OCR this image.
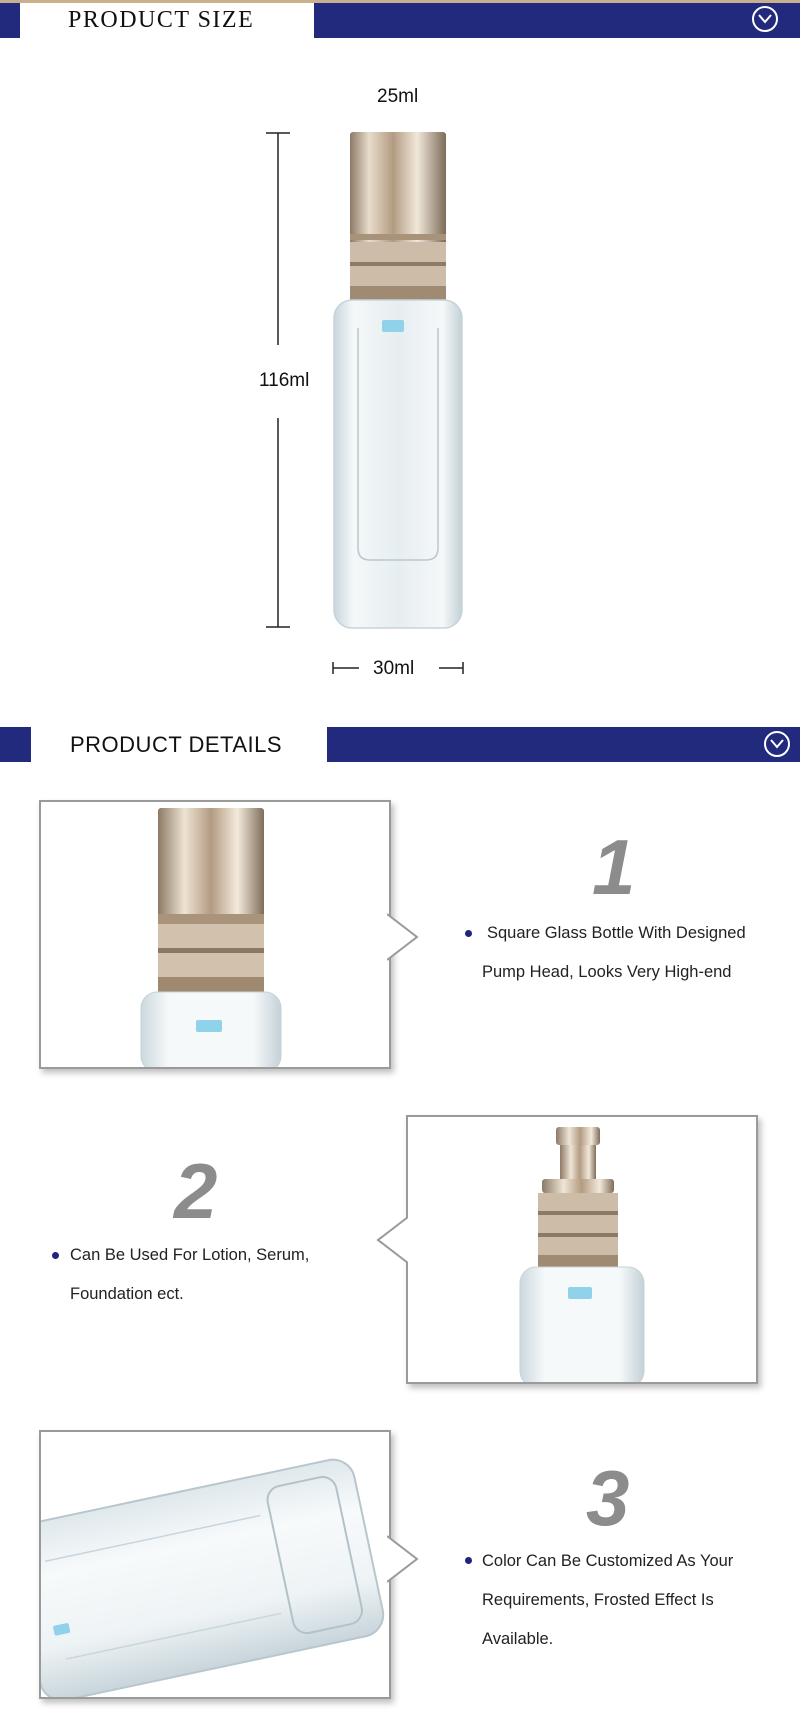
PRODUCT SIZE
25ml
116ml
30ml
PRODUCT DETAILS
1
Square Glass Bottle With Designed
Pump Head, Looks Very High-end
2
Can Be Used For Lotion, Serum,
Foundation ect.
3
Color Can Be Customized As Your
Requirements, Frosted Effect Is
Available.
